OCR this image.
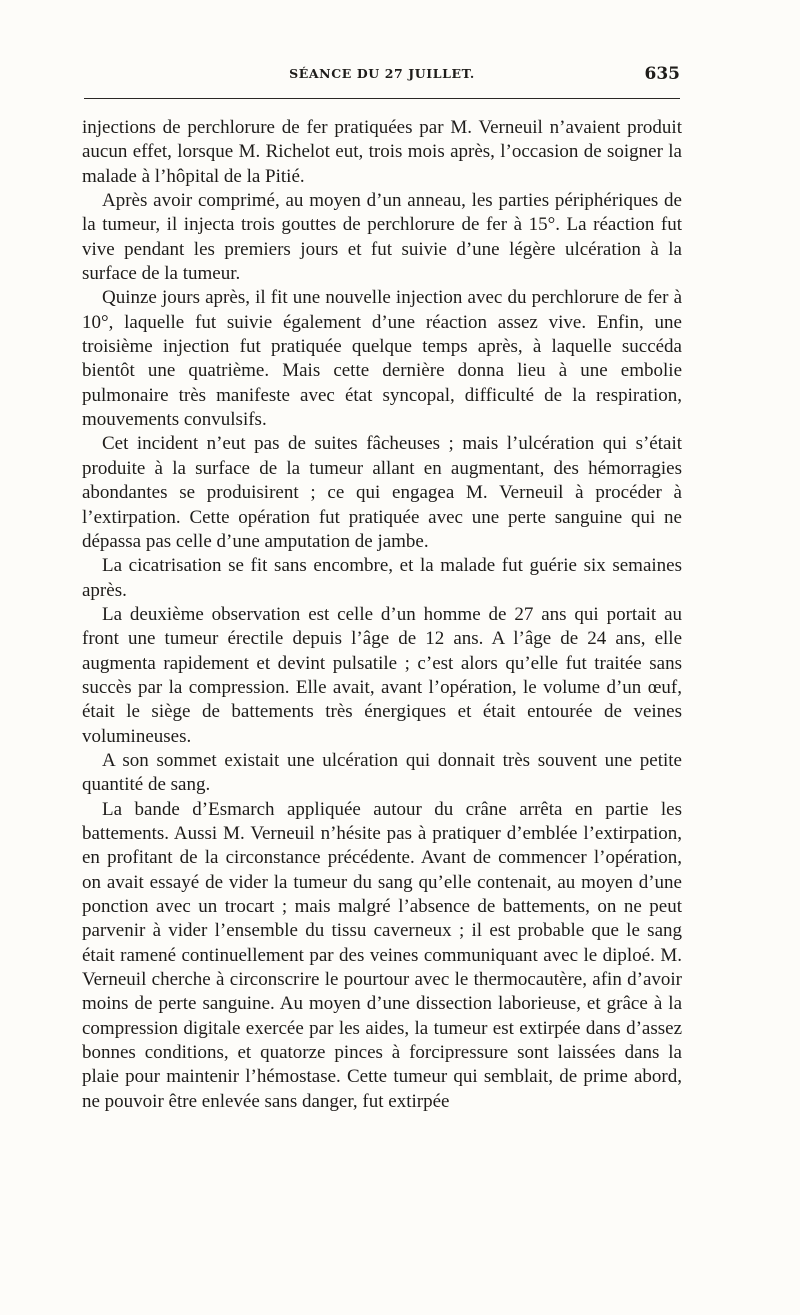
SÉANCE DU 27 JUILLET.	635

injections de perchlorure de fer pratiquées par M. Verneuil n’avaient produit aucun effet, lorsque M. Richelot eut, trois mois après, l’occasion de soigner la malade à l’hôpital de la Pitié.

Après avoir comprimé, au moyen d’un anneau, les parties périphériques de la tumeur, il injecta trois gouttes de perchlorure de fer à 15°. La réaction fut vive pendant les premiers jours et fut suivie d’une légère ulcération à la surface de la tumeur.

Quinze jours après, il fit une nouvelle injection avec du perchlorure de fer à 10°, laquelle fut suivie également d’une réaction assez vive. Enfin, une troisième injection fut pratiquée quelque temps après, à laquelle succéda bientôt une quatrième. Mais cette dernière donna lieu à une embolie pulmonaire très manifeste avec état syncopal, difficulté de la respiration, mouvements convulsifs.

Cet incident n’eut pas de suites fâcheuses ; mais l’ulcération qui s’était produite à la surface de la tumeur allant en augmentant, des hémorragies abondantes se produisirent ; ce qui engagea M. Verneuil à procéder à l’extirpation. Cette opération fut pratiquée avec une perte sanguine qui ne dépassa pas celle d’une amputation de jambe.

La cicatrisation se fit sans encombre, et la malade fut guérie six semaines après.

La deuxième observation est celle d’un homme de 27 ans qui portait au front une tumeur érectile depuis l’âge de 12 ans. A l’âge de 24 ans, elle augmenta rapidement et devint pulsatile ; c’est alors qu’elle fut traitée sans succès par la compression. Elle avait, avant l’opération, le volume d’un œuf, était le siège de battements très énergiques et était entourée de veines volumineuses.

A son sommet existait une ulcération qui donnait très souvent une petite quantité de sang.

La bande d’Esmarch appliquée autour du crâne arrêta en partie les battements. Aussi M. Verneuil n’hésite pas à pratiquer d’emblée l’extirpation, en profitant de la circonstance précédente. Avant de commencer l’opération, on avait essayé de vider la tumeur du sang qu’elle contenait, au moyen d’une ponction avec un trocart ; mais malgré l’absence de battements, on ne peut parvenir à vider l’ensemble du tissu caverneux ; il est probable que le sang était ramené continuellement par des veines communiquant avec le diploé. M. Verneuil cherche à circonscrire le pourtour avec le thermocautère, afin d’avoir moins de perte sanguine. Au moyen d’une dissection laborieuse, et grâce à la compression digitale exercée par les aides, la tumeur est extirpée dans d’assez bonnes conditions, et quatorze pinces à forcipressure sont laissées dans la plaie pour maintenir l’hémostase. Cette tumeur qui semblait, de prime abord, ne pouvoir être enlevée sans danger, fut extirpée
